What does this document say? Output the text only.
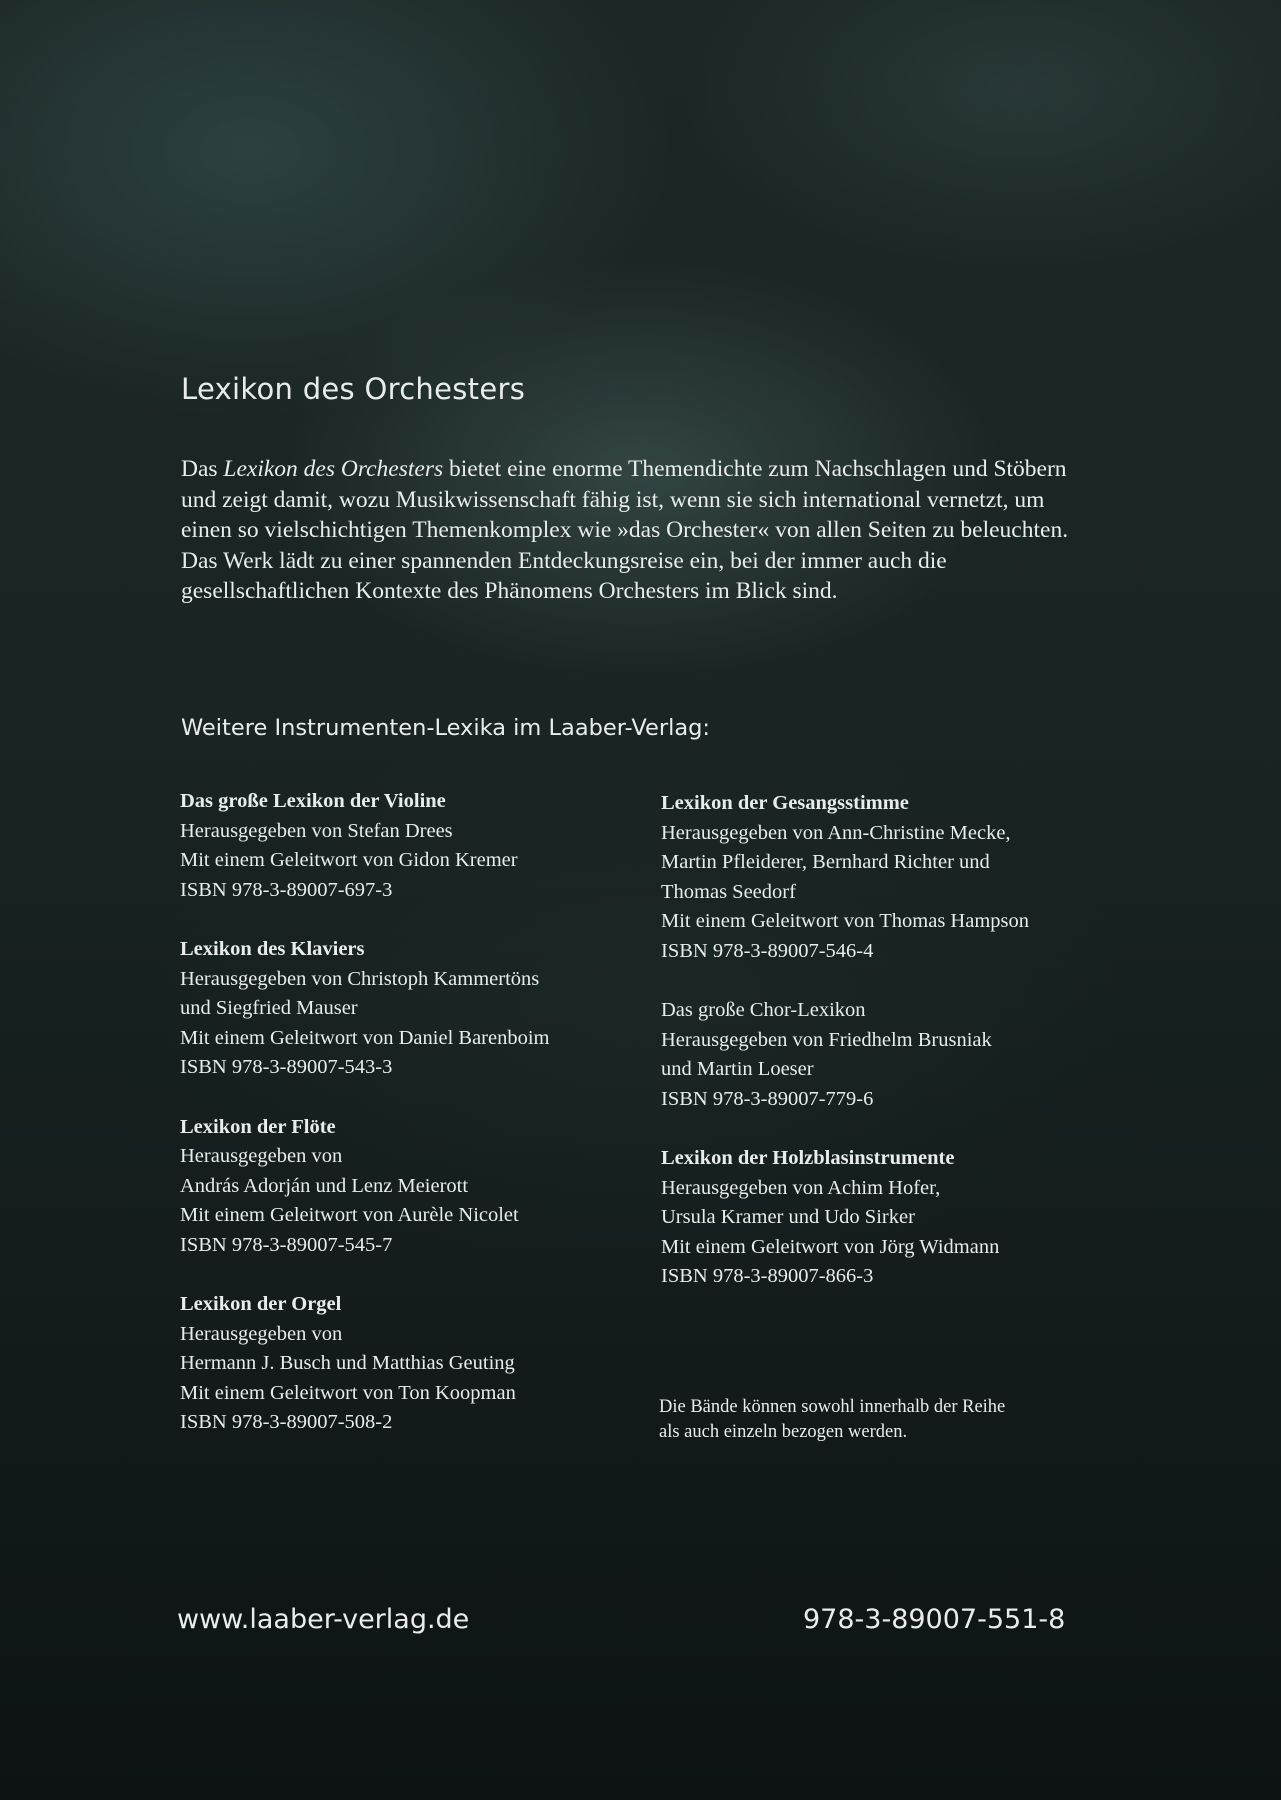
Lexikon des Orchesters
Das Lexikon des Orchesters bietet eine enorme Themendichte zum Nachschlagen und Stöbern und zeigt damit, wozu Musikwissenschaft fähig ist, wenn sie sich international vernetzt, um einen so vielschichtigen Themenkomplex wie »das Orchester« von allen Seiten zu beleuchten. Das Werk lädt zu einer spannenden Entdeckungsreise ein, bei der immer auch die gesellschaftlichen Kontexte des Phänomens Orchesters im Blick sind.
Weitere Instrumenten-Lexika im Laaber-Verlag:
Das große Lexikon der Violine
Herausgegeben von Stefan Drees
Mit einem Geleitwort von Gidon Kremer
ISBN 978-3-89007-697-3
Lexikon des Klaviers
Herausgegeben von Christoph Kammertöns
und Siegfried Mauser
Mit einem Geleitwort von Daniel Barenboim
ISBN 978-3-89007-543-3
Lexikon der Flöte
Herausgegeben von
András Adorján und Lenz Meierott
Mit einem Geleitwort von Aurèle Nicolet
ISBN 978-3-89007-545-7
Lexikon der Orgel
Herausgegeben von
Hermann J. Busch und Matthias Geuting
Mit einem Geleitwort von Ton Koopman
ISBN 978-3-89007-508-2
Lexikon der Gesangsstimme
Herausgegeben von Ann-Christine Mecke,
Martin Pfleiderer, Bernhard Richter und
Thomas Seedorf
Mit einem Geleitwort von Thomas Hampson
ISBN 978-3-89007-546-4
Das große Chor-Lexikon
Herausgegeben von Friedhelm Brusniak
und Martin Loeser
ISBN 978-3-89007-779-6
Lexikon der Holzblasinstrumente
Herausgegeben von Achim Hofer,
Ursula Kramer und Udo Sirker
Mit einem Geleitwort von Jörg Widmann
ISBN 978-3-89007-866-3
Die Bände können sowohl innerhalb der Reihe
als auch einzeln bezogen werden.
www.laaber-verlag.de	978-3-89007-551-8
